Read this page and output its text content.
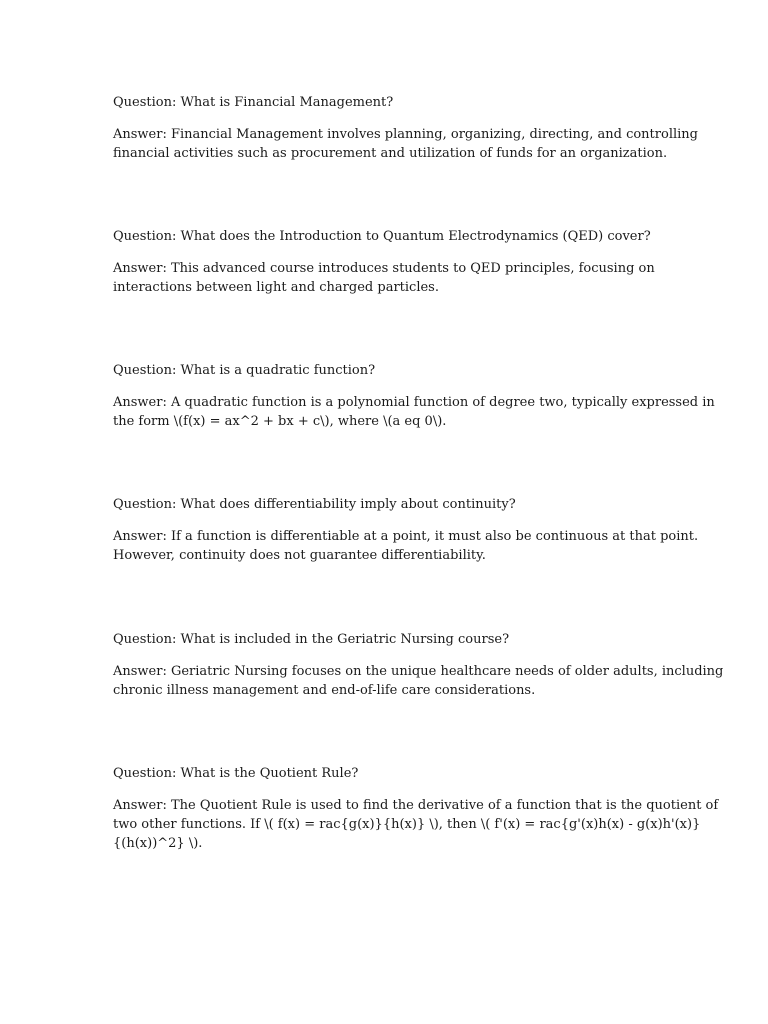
Question: What is Financial Management?

Answer: Financial Management involves planning, organizing, directing, and controlling
financial activities such as procurement and utilization of funds for an organization.

Question: What does the Introduction to Quantum Electrodynamics (QED) cover?

Answer: This advanced course introduces students to QED principles, focusing on
interactions between light and charged particles.

Question: What is a quadratic function?

Answer: A quadratic function is a polynomial function of degree two, typically expressed in
the form \(f(x) = ax^2 + bx + c\), where \(a eq 0\).

Question: What does differentiability imply about continuity?

Answer: If a function is differentiable at a point, it must also be continuous at that point.
However, continuity does not guarantee differentiability.

Question: What is included in the Geriatric Nursing course?

Answer: Geriatric Nursing focuses on the unique healthcare needs of older adults, including
chronic illness management and end-of-life care considerations.

Question: What is the Quotient Rule?

Answer: The Quotient Rule is used to find the derivative of a function that is the quotient of
two other functions. If \( f(x) = rac{g(x)}{h(x)} \), then \( f'(x) = rac{g'(x)h(x) - g(x)h'(x)}
{(h(x))^2} \).
